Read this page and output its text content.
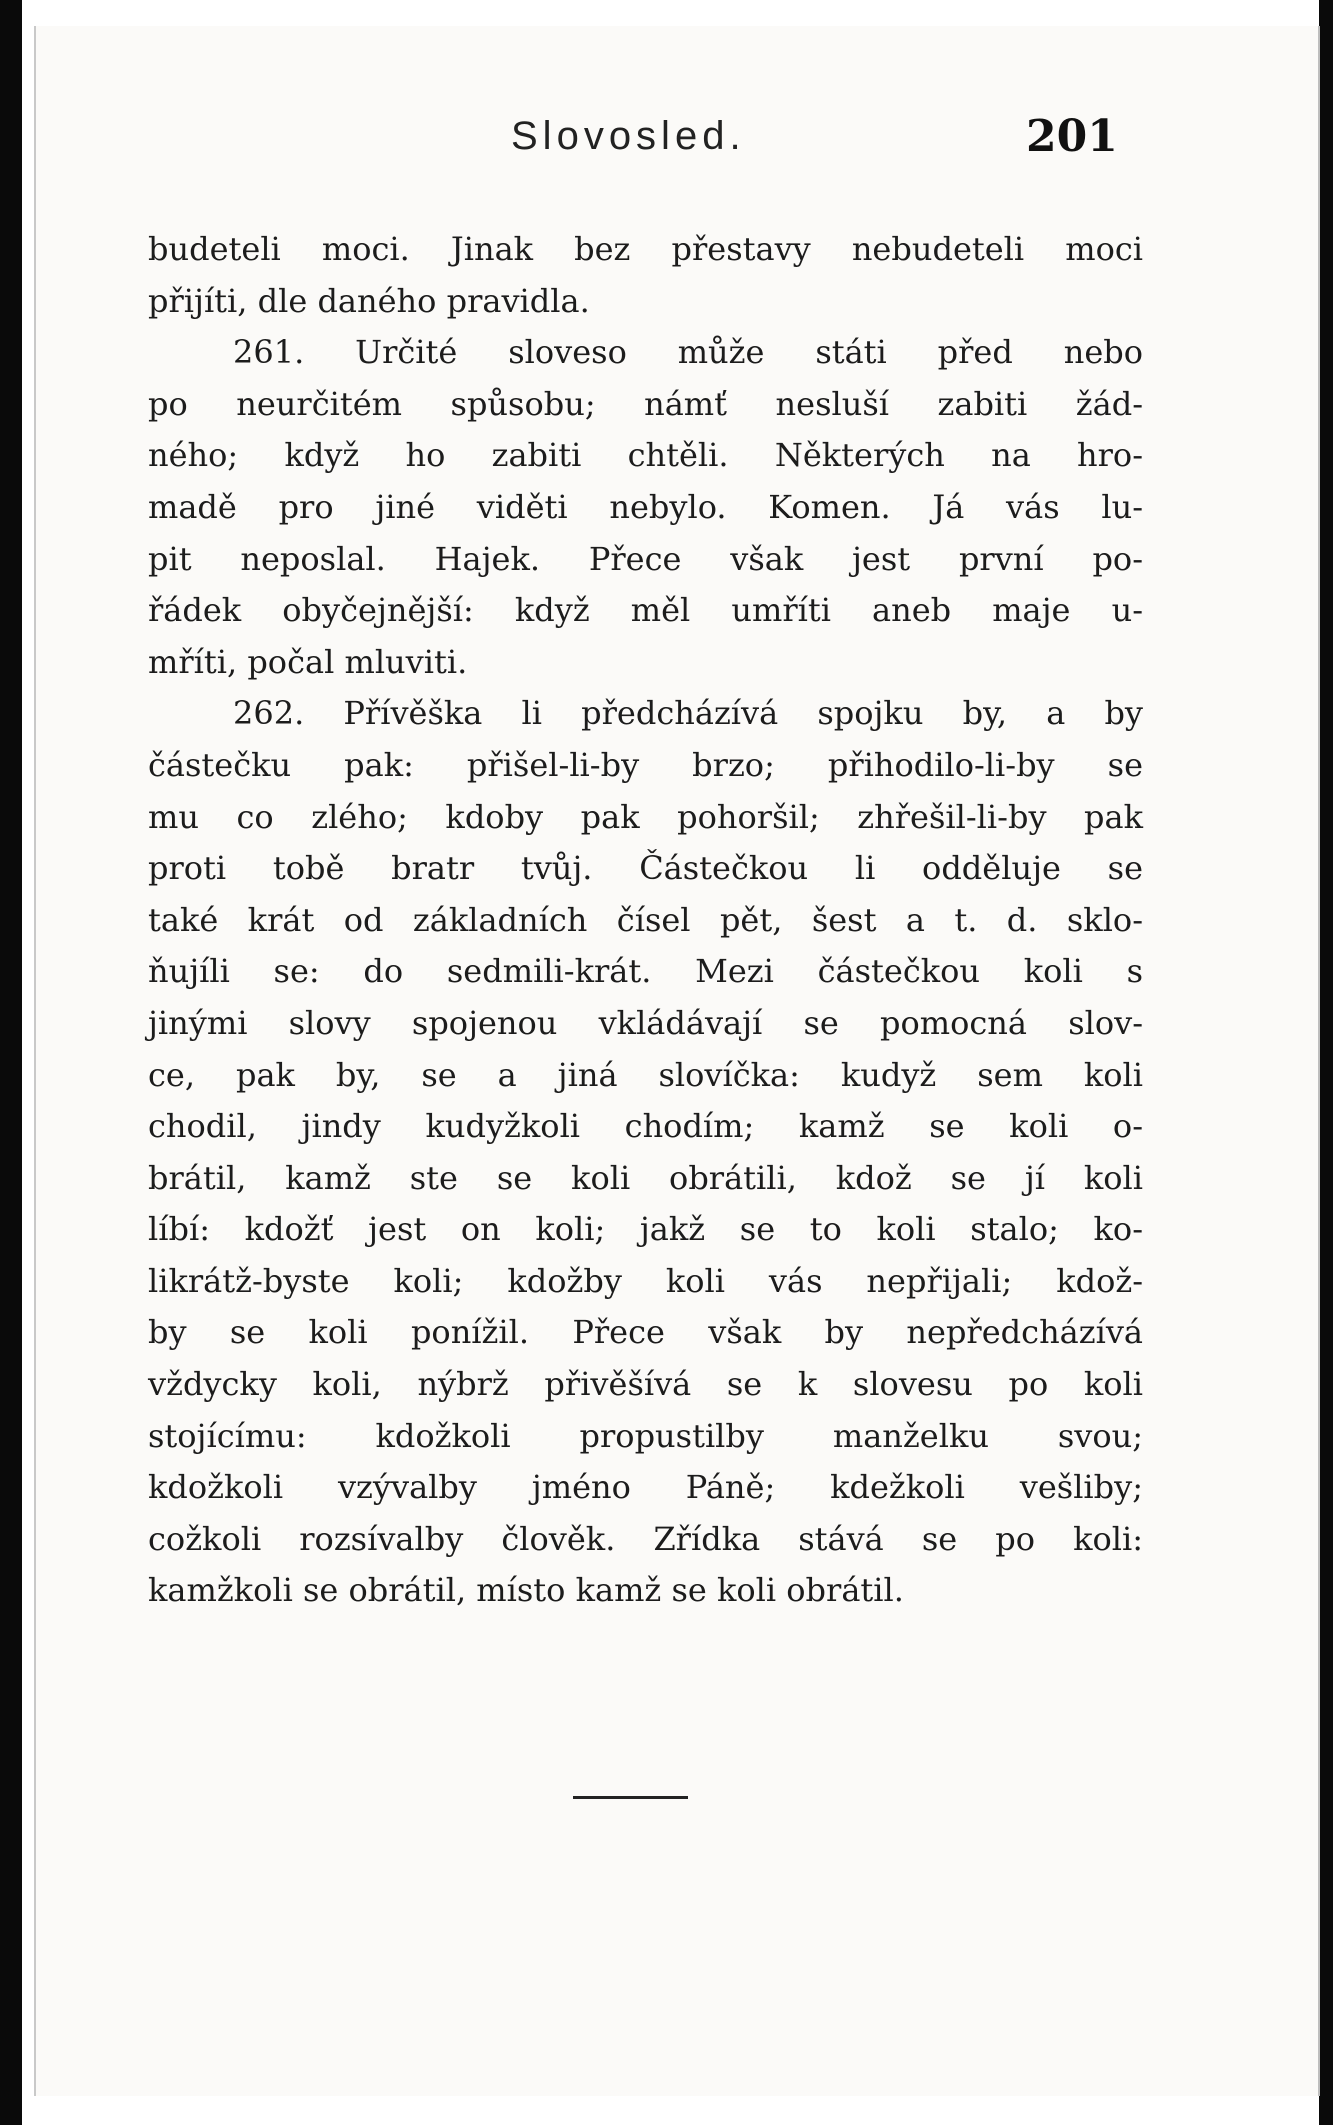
Slovosled.	201
budeteli moci. Jinak bez přestavy nebudeteli moci
přijíti, dle daného pravidla.
261. Určité sloveso může státi před nebo
po neurčitém spůsobu; námť nesluší zabiti žád-
ného; když ho zabiti chtěli. Některých na hro-
madě pro jiné viděti nebylo. Komen. Já vás lu-
pit neposlal. Hajek. Přece však jest první po-
řádek obyčejnější: když měl umříti aneb maje u-
mříti, počal mluviti.
262. Přívěška li předcházívá spojku by, a by
částečku pak: přišel-li-by brzo; přihodilo-li-by se
mu co zlého; kdoby pak pohoršil; zhřešil-li-by pak
proti tobě bratr tvůj. Částečkou li odděluje se
také krát od základních čísel pět, šest a t. d. sklo-
ňujíli se: do sedmili-krát. Mezi částečkou koli s
jinými slovy spojenou vkládávají se pomocná slov-
ce, pak by, se a jiná slovíčka: kudyž sem koli
chodil, jindy kudyžkoli chodím; kamž se koli o-
brátil, kamž ste se koli obrátili, kdož se jí koli
líbí: kdožť jest on koli; jakž se to koli stalo; ko-
likrátž-byste koli; kdožby koli vás nepřijali; kdož-
by se koli ponížil. Přece však by nepředcházívá
vždycky koli, nýbrž přivěšívá se k slovesu po koli
stojícímu: kdožkoli propustilby manželku svou;
kdožkoli vzývalby jméno Páně; kdežkoli vešliby;
cožkoli rozsívalby člověk. Zřídka stává se po koli:
kamžkoli se obrátil, místo kamž se koli obrátil.
